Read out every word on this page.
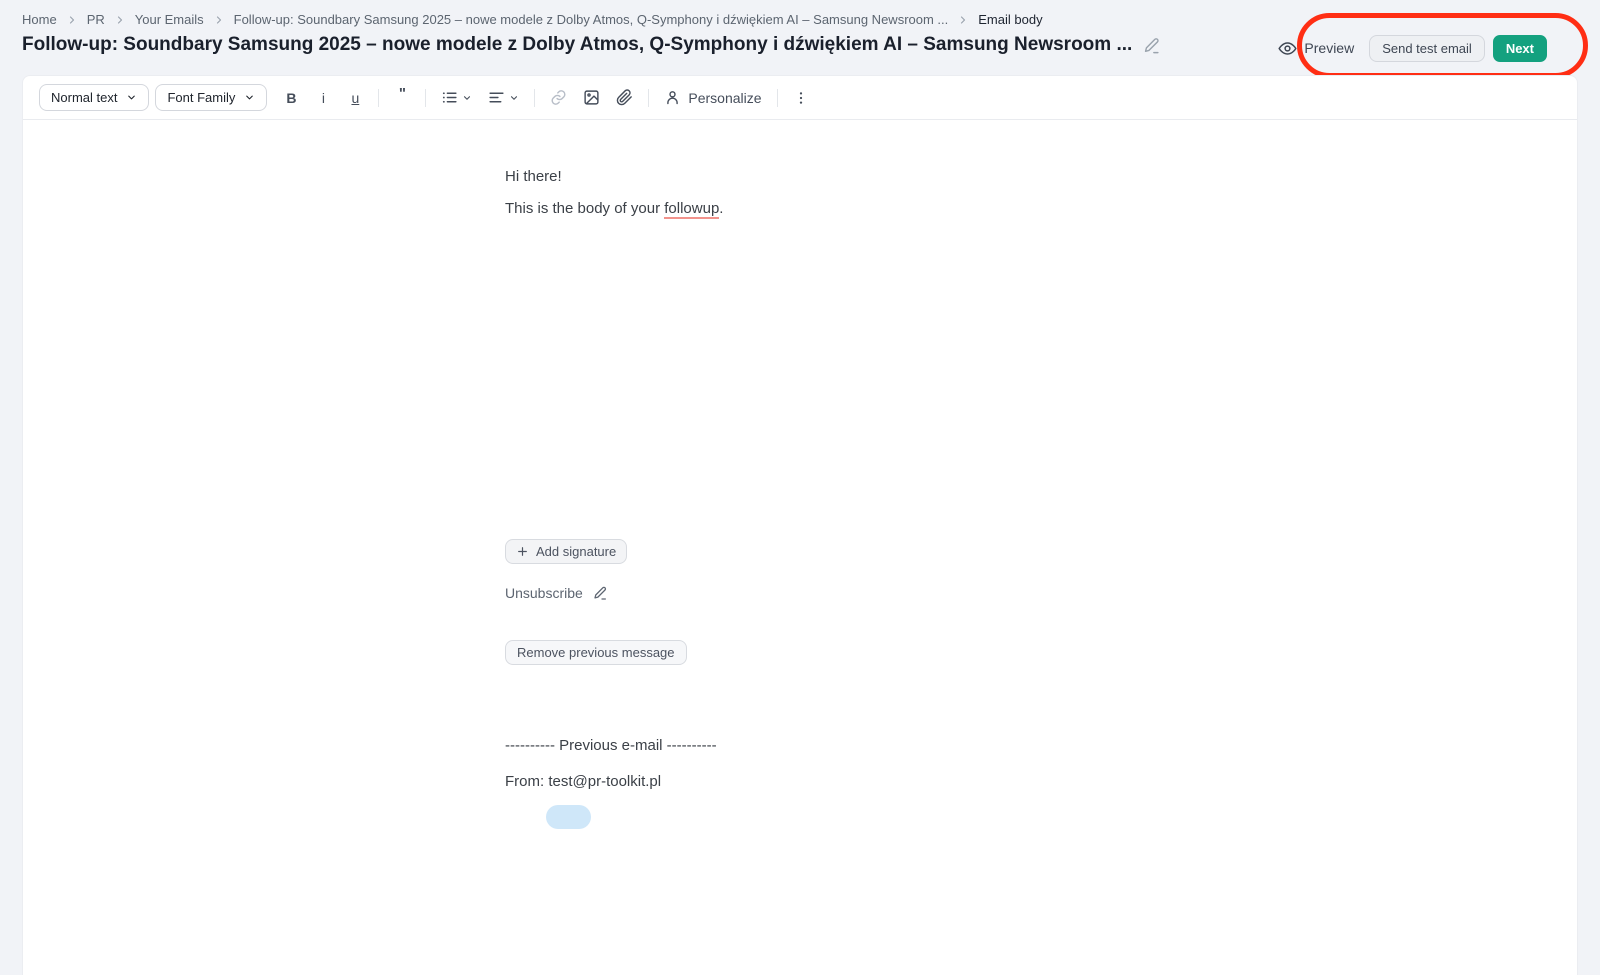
Home PR Your Emails Follow-up: Soundbary Samsung 2025 – nowe modele z Dolby Atmos, Q-Symphony i dźwiękiem AI – Samsung Newsroom ... Email body
Follow-up: Soundbary Samsung 2025 – nowe modele z Dolby Atmos, Q-Symphony i dźwiękiem AI – Samsung Newsroom ...	Preview	Send test email	Next
Normal text	Font Family	B	i	u	"	Personalize

Hi there!

This is the body of your followup.

Add signature
Unsubscribe
Remove previous message

---------- Previous e-mail ----------

From: test@pr-toolkit.pl
